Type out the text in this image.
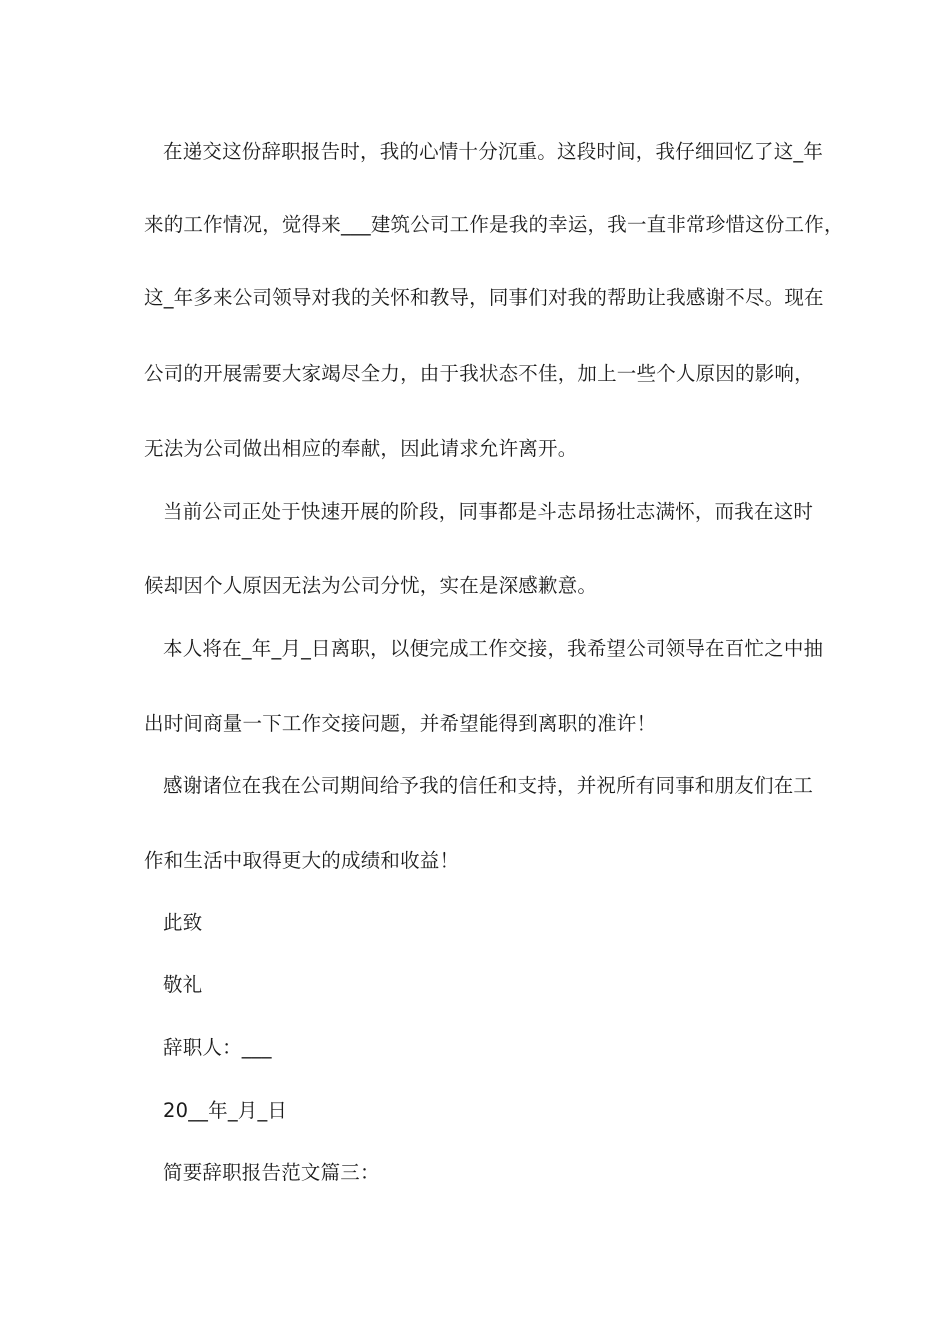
在递交这份辞职报告时，我的心情十分沉重。这段时间，我仔细回忆了这_年
来的工作情况，觉得来___建筑公司工作是我的幸运，我一直非常珍惜这份工作，
这_年多来公司领导对我的关怀和教导，同事们对我的帮助让我感谢不尽。现在
公司的开展需要大家竭尽全力，由于我状态不佳，加上一些个人原因的影响，
无法为公司做出相应的奉献，因此请求允许离开。
当前公司正处于快速开展的阶段，同事都是斗志昂扬壮志满怀，而我在这时
候却因个人原因无法为公司分忧，实在是深感歉意。
本人将在_年_月_日离职，以便完成工作交接，我希望公司领导在百忙之中抽
出时间商量一下工作交接问题，并希望能得到离职的准许！
感谢诸位在我在公司期间给予我的信任和支持，并祝所有同事和朋友们在工
作和生活中取得更大的成绩和收益！
此致
敬礼
辞职人：___
20__年_月_日
简要辞职报告范文篇三：
